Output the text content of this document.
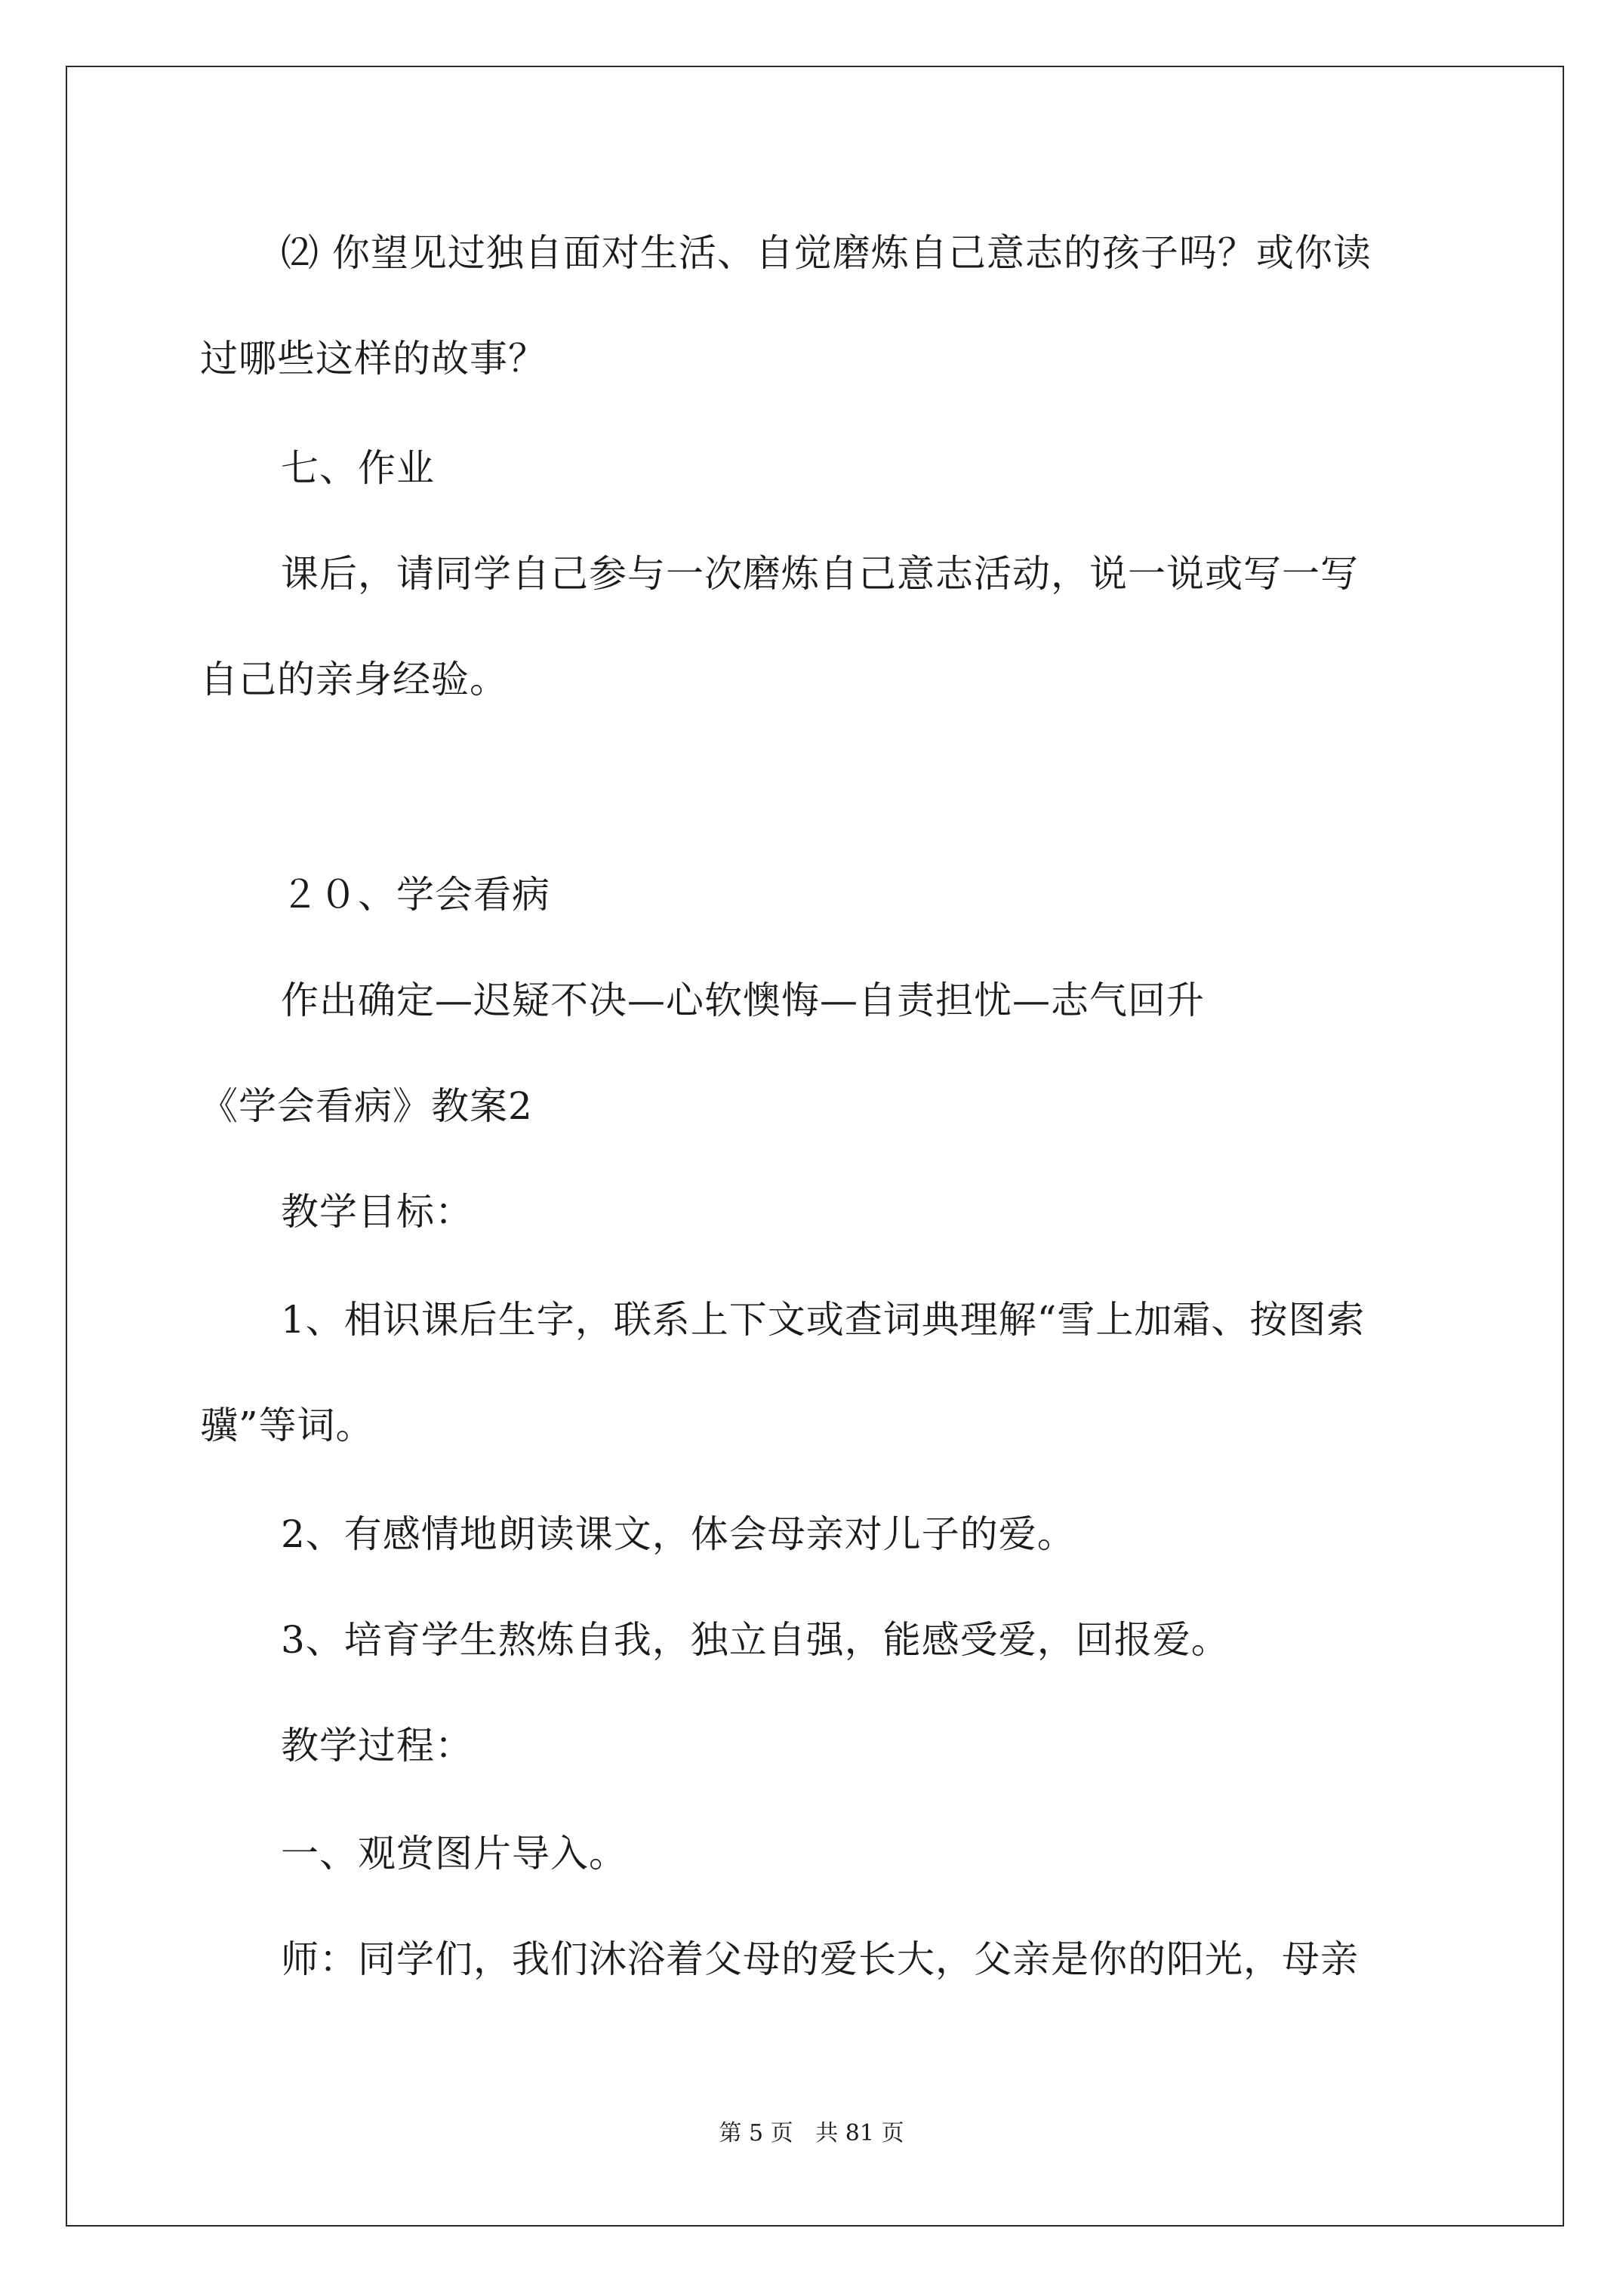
⑵ 你望见过独自面对生活、自觉磨炼自己意志的孩子吗？或你读
过哪些这样的故事？
七、作业
课后，请同学自己参与一次磨炼自己意志活动，说一说或写一写
自己的亲身经验。
２０、学会看病
作出确定—迟疑不决—心软懊悔—自责担忧—志气回升
《学会看病》教案2
教学目标：
1、相识课后生字，联系上下文或查词典理解“雪上加霜、按图索
骥”等词。
2、有感情地朗读课文，体会母亲对儿子的爱。
3、培育学生熬炼自我，独立自强，能感受爱，回报爱。
教学过程：
一、观赏图片导入。
师：同学们，我们沐浴着父母的爱长大，父亲是你的阳光，母亲
第 5 页 共 81 页
